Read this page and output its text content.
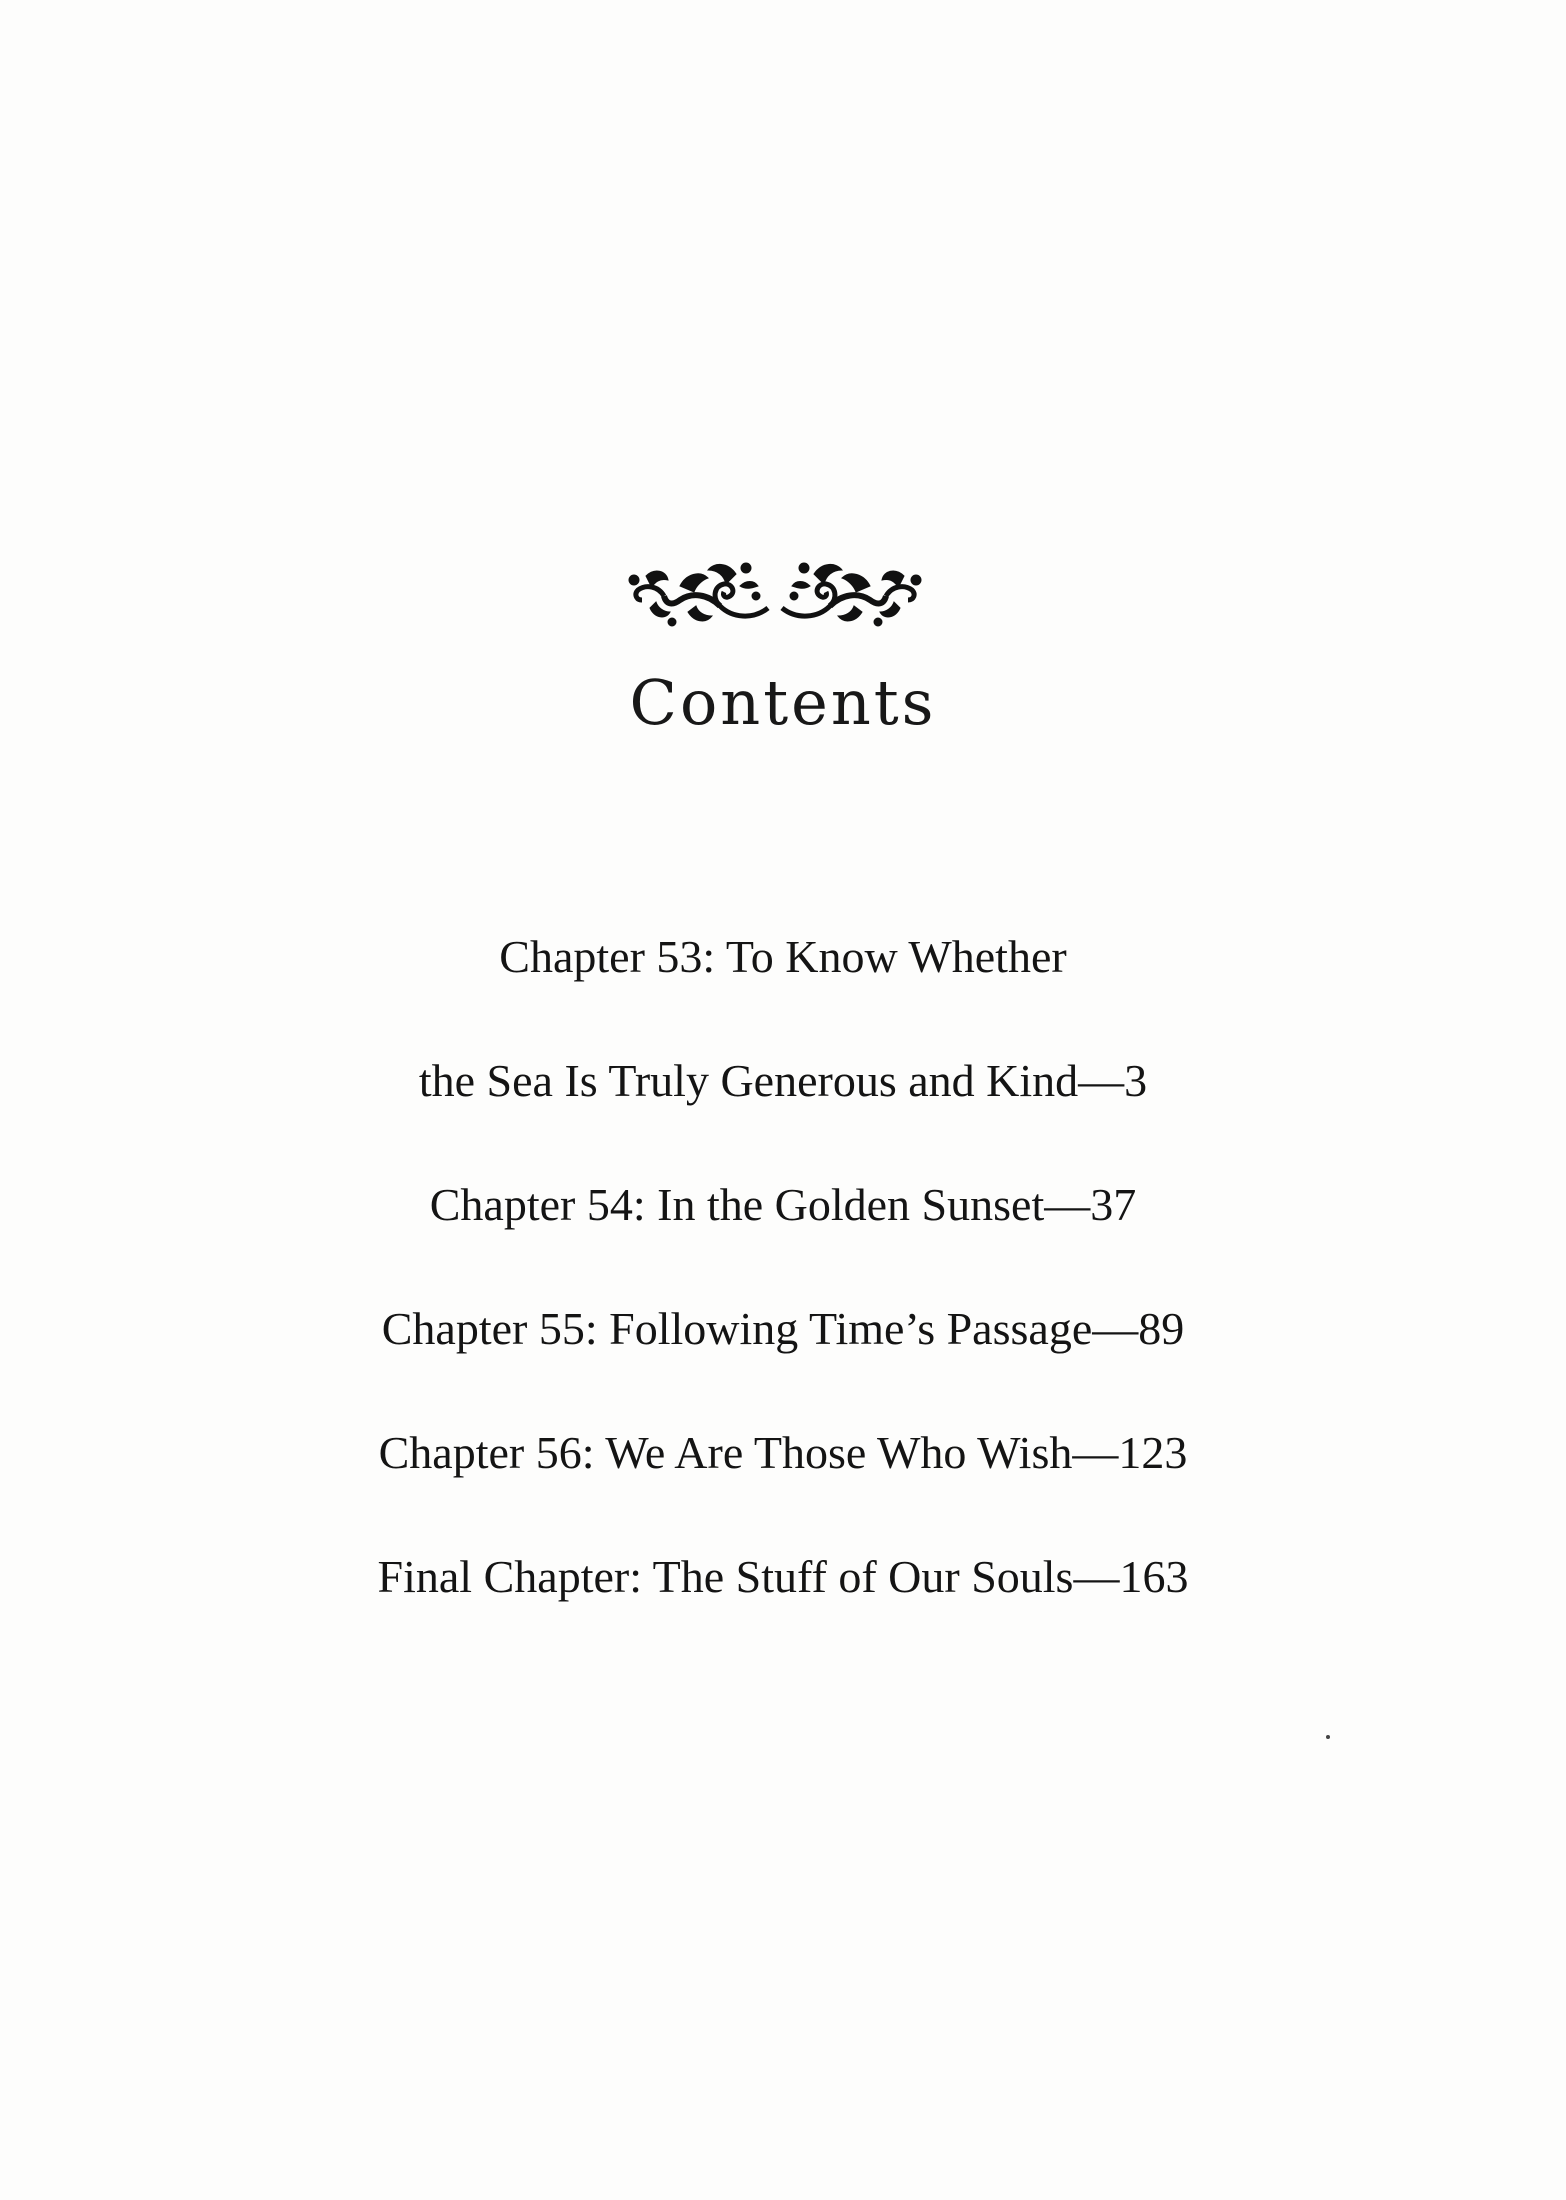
Contents
Chapter 53: To Know Whether
the Sea Is Truly Generous and Kind—3
Chapter 54: In the Golden Sunset—37
Chapter 55: Following Time’s Passage—89
Chapter 56: We Are Those Who Wish—123
Final Chapter: The Stuff of Our Souls—163
